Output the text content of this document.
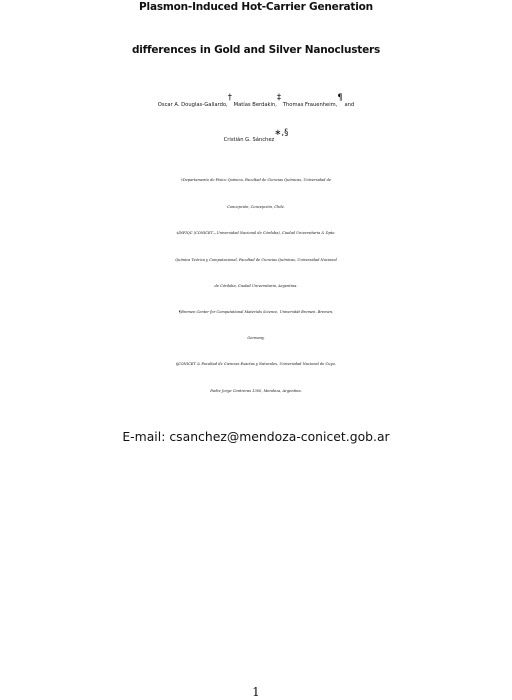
Plasmon-Induced Hot-Carrier Generation
differences in Gold and Silver Nanoclusters
Oscar A. Douglas-Gallardo,† Matías Berdakin,‡ Thomas Frauenheim,¶ and
Cristián G. Sánchez∗,§
†Departamento de Fisico Química, Facultad de Ciencias Químicas, Universidad de
Concepción, Concepción, Chile.
‡INFIQC (CONICET—Universidad Nacional de Córdoba), Ciudad Universitaria & Dpto.
Química Teórica y Computacional, Facultad de Ciencias Químicas, Universidad Nacional
de Córdoba, Ciudad Universitaria, Argentina.
¶Bremen Center for Computational Materials Science, Universität Bremen. Bremen,
Germany.
§CONICET & Facultad de Ciencias Exactas y Naturales, Universidad Nacional de Cuyo,
Padre Jorge Contreras 1300, Mendoza, Argentina.
E-mail: csanchez@mendoza-conicet.gob.ar
1
